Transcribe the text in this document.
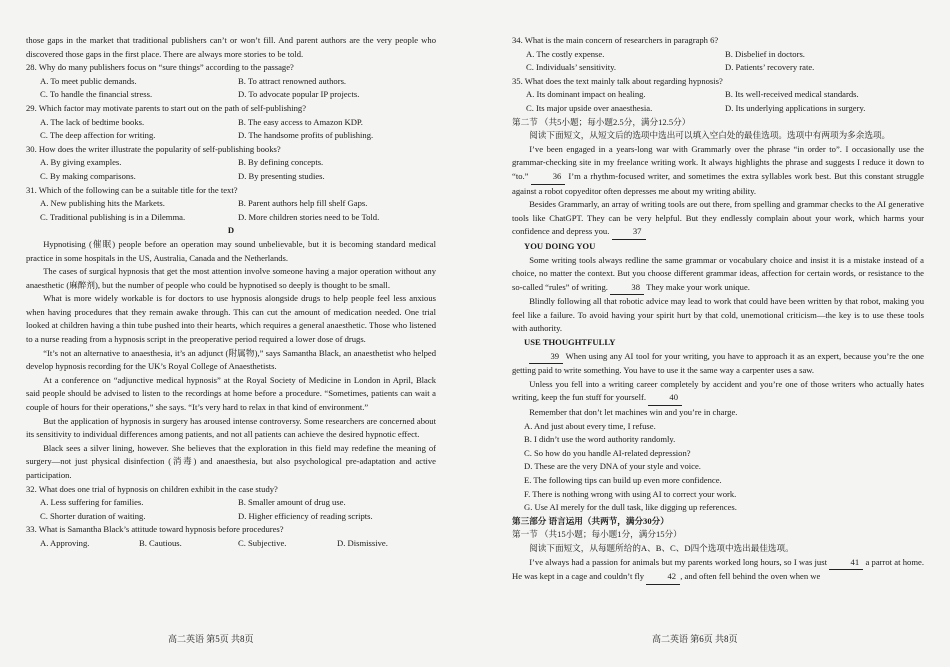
those gaps in the market that traditional publishers can’t or won’t fill. And parent authors are the very people who discovered those gaps in the first place. There are always more stories to be told.

28. Why do many publishers focus on “sure things” according to the passage?

A. To meet public demands.	B. To attract renowned authors.
C. To handle the financial stress.	D. To advocate popular IP projects.

29. Which factor may motivate parents to start out on the path of self-publishing?

A. The lack of bedtime books.	B. The easy access to Amazon KDP.
C. The deep affection for writing.	D. The handsome profits of publishing.

30. How does the writer illustrate the popularity of self-publishing books?

A. By giving examples.	B. By defining concepts.
C. By making comparisons.	D. By presenting studies.

31. Which of the following can be a suitable title for the text?

A. New publishing hits the Markets.	B. Parent authors help fill shelf Gaps.
C. Traditional publishing is in a Dilemma.	D. More children stories need to be Told.

D

Hypnotising (催眠) people before an operation may sound unbelievable, but it is becoming standard medical practice in some hospitals in the US, Australia, Canada and the Netherlands.

The cases of surgical hypnosis that get the most attention involve someone having a major operation without any anaesthetic (麻醉剂), but the number of people who could be hypnotised so deeply is thought to be small.

What is more widely workable is for doctors to use hypnosis alongside drugs to help people feel less anxious when having procedures that they remain awake through. This can cut the amount of medication needed. One trial looked at children having a thin tube pushed into their hearts, which requires a general anaesthetic. Those who listened to a nurse reading from a hypnosis script in the preoperative period required a lower dose of drugs.

“It’s not an alternative to anaesthesia, it’s an adjunct (附属物),” says Samantha Black, an anaesthetist who helped develop hypnosis recording for the UK’s Royal College of Anaesthetists.

At a conference on “adjunctive medical hypnosis” at the Royal Society of Medicine in London in April, Black said people should be advised to listen to the recordings at home before a procedure. “Sometimes, patients can wait a couple of hours for their operations,” she says. “It’s very hard to relax in that kind of environment.”

But the application of hypnosis in surgery has aroused intense controversy. Some researchers are concerned about its sensitivity to individual differences among patients, and not all patients can achieve the desired hypnotic effect.

Black sees a silver lining, however. She believes that the exploration in this field may redefine the meaning of surgery—not just physical disinfection (消毒) and anaesthesia, but also psychological pre-adaptation and active participation.

32. What does one trial of hypnosis on children exhibit in the case study?

A. Less suffering for families.	B. Smaller amount of drug use.
C. Shorter duration of waiting.	D. Higher efficiency of reading scripts.

33. What is Samantha Black’s attitude toward hypnosis before procedures?

A. Approving.	B. Cautious.	C. Subjective.	D. Dismissive.
高二英语 第5页 共8页

34. What is the main concern of researchers in paragraph 6?

A. The costly expense.	B. Disbelief in doctors.
C. Individuals’ sensitivity.	D. Patients’ recovery rate.

35. What does the text mainly talk about regarding hypnosis?

A. Its dominant impact on healing.	B. Its well-received medical standards.
C. Its major upside over anaesthesia.	D. Its underlying applications in surgery.

第二节 （共5小题；每小题2.5分，满分12.5分）

阅读下面短文，从短文后的选项中选出可以填入空白处的最佳选项。选项中有两项为多余选项。

I’ve been engaged in a years-long war with Grammarly over the phrase “in order to”. I occasionally use the grammar-checking site in my freelance writing work. It always highlights the phrase and suggests I reduce it down to “to.”	36 I’m a rhythm-focused writer, and sometimes the extra syllables work best. But this constant struggle against a robot copyeditor often depresses me about my writing ability.

Besides Grammarly, an array of writing tools are out there, from spelling and grammar checks to the AI generative tools like ChatGPT. They can be very helpful. But they endlessly complain about your work, which harms your confidence and depress you.	37

YOU DOING YOU

Some writing tools always redline the same grammar or vocabulary choice and insist it is a mistake instead of a choice, no matter the context. But you choose different grammar ideas, affection for certain words, or resistance to the so-called “rules” of writing.	38 They make your work unique.

Blindly following all that robotic advice may lead to work that could have been written by that robot, making you feel like a failure. To avoid having your spirit hurt by that cold, unemotional criticism—the key is to use these tools with authority.

USE THOUGHTFULLY

39 When using any AI tool for your writing, you have to approach it as an expert, because you’re the one getting paid to write something. You have to use it the same way a carpenter uses a saw.

Unless you fell into a writing career completely by accident and you’re one of those writers who actually hates writing, keep the fun stuff for yourself.	40

Remember that don’t let machines win and you’re in charge.

A. And just about every time, I refuse.

B. I didn’t use the word authority randomly.

C. So how do you handle AI-related depression?

D. These are the very DNA of your style and voice.

E. The following tips can build up even more confidence.

F. There is nothing wrong with using AI to correct your work.

G. Use AI merely for the dull task, like digging up references.

第三部分 语言运用（共两节，满分30分）

第一节 （共15小题；每小题1分，满分15分）

阅读下面短文，从每题所给的A、B、C、D四个选项中选出最佳选项。

I’ve always had a passion for animals but my parents worked long hours, so I was just	41 a parrot at home. He was kept in a cage and couldn’t fly	42 , and often fell behind the oven when we

高二英语 第6页 共8页
